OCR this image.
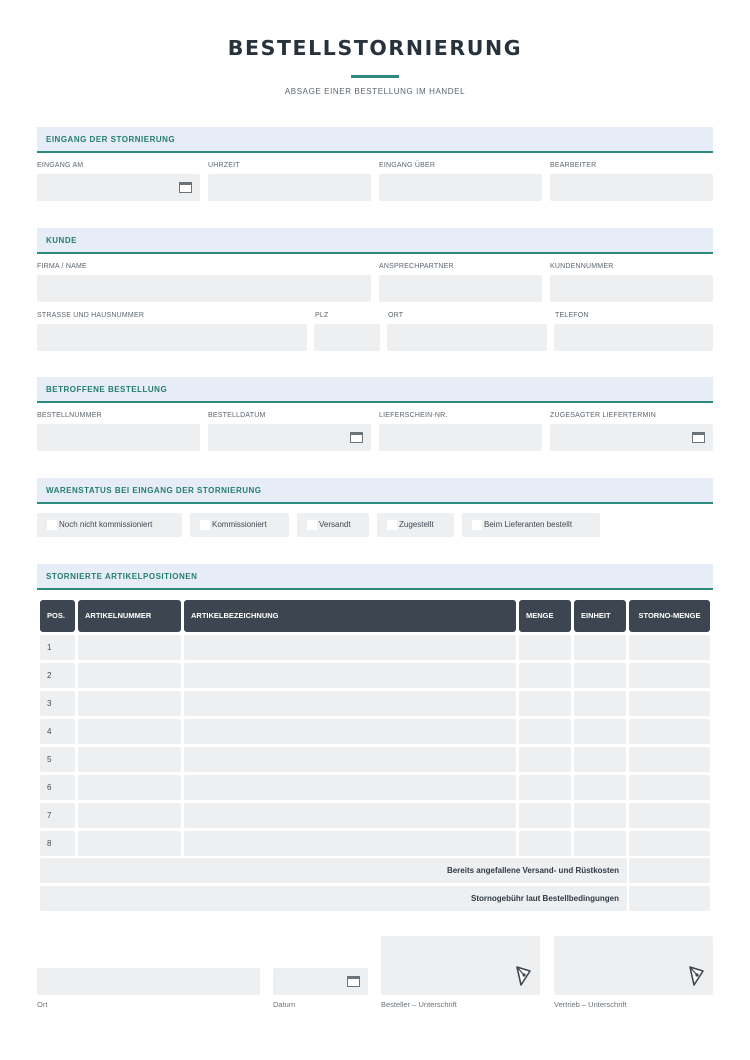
BESTELLSTORNIERUNG
ABSAGE EINER BESTELLUNG IM HANDEL
EINGANG DER STORNIERUNG
EINGANG AM	UHRZEIT	EINGANG ÜBER	BEARBEITER
KUNDE
FIRMA / NAME	ANSPRECHPARTNER	KUNDENNUMMER
STRASSE UND HAUSNUMMER	PLZ	ORT	TELEFON
BETROFFENE BESTELLUNG
BESTELLNUMMER	BESTELLDATUM	LIEFERSCHEIN-NR.	ZUGESAGTER LIEFERTERMIN
WARENSTATUS BEI EINGANG DER STORNIERUNG
Noch nicht kommissioniert	Kommissioniert	Versandt	Zugestellt	Beim Lieferanten bestellt
STORNIERTE ARTIKELPOSITIONEN
POS.	ARTIKELNUMMER	ARTIKELBEZEICHNUNG	MENGE	EINHEIT	STORNO-MENGE
1
2
3
4
5
6
7
8
Bereits angefallene Versand- und Rüstkosten
Stornogebühr laut Bestellbedingungen
Ort	Datum	Besteller – Unterschrift	Vertrieb – Unterschrift
